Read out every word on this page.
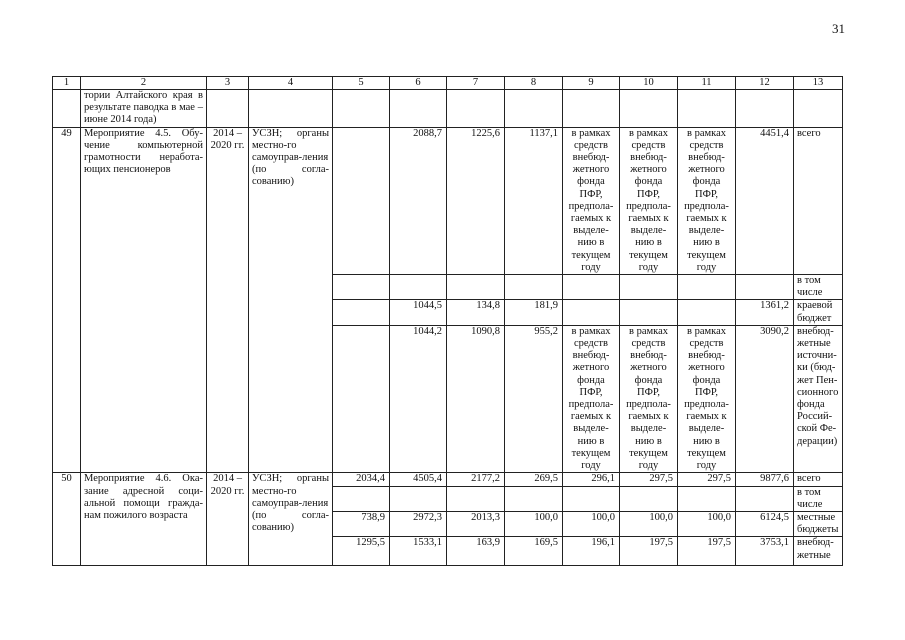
31
1	2	3	4	5	6	7	8	9	10	11	12	13
	тории Алтайского края в результате паводка в мае – июне 2014 года)											
49	Мероприятие 4.5. Обу-чение компьютерной грамотности неработа-ющих пенсионеров	2014 – 2020 гг.	УСЗН; органы местно-го самоуправ-ления (по согла-сованию)		2088,7	1225,6	1137,1	в рамках средств внебюд-жетного фонда ПФР, предпола-гаемых к выделе-нию в текущем году	в рамках средств внебюд-жетного фонда ПФР, предпола-гаемых к выделе-нию в текущем году	в рамках средств внебюд-жетного фонда ПФР, предпола-гаемых к выделе-нию в текущем году	4451,4	всего
												в том числе
					1044,5	134,8	181,9				1361,2	краевой бюджет
					1044,2	1090,8	955,2	в рамках средств внебюд-жетного фонда ПФР, предпола-гаемых к выделе-нию в текущем году	в рамках средств внебюд-жетного фонда ПФР, предпола-гаемых к выделе-нию в текущем году	в рамках средств внебюд-жетного фонда ПФР, предпола-гаемых к выделе-нию в текущем году	3090,2	внебюд-жетные источни-ки (бюд-жет Пен-сионного фонда Россий-ской Фе-дерации)
50	Мероприятие 4.6. Ока-зание адресной соци-альной помощи гражда-нам пожилого возраста	2014 – 2020 гг.	УСЗН; органы местно-го самоуправ-ления (по согла-сованию)	2034,4	4505,4	2177,2	269,5	296,1	297,5	297,5	9877,6	всего
												в том числе
				738,9	2972,3	2013,3	100,0	100,0	100,0	100,0	6124,5	местные бюджеты
				1295,5	1533,1	163,9	169,5	196,1	197,5	197,5	3753,1	внебюд-жетные
